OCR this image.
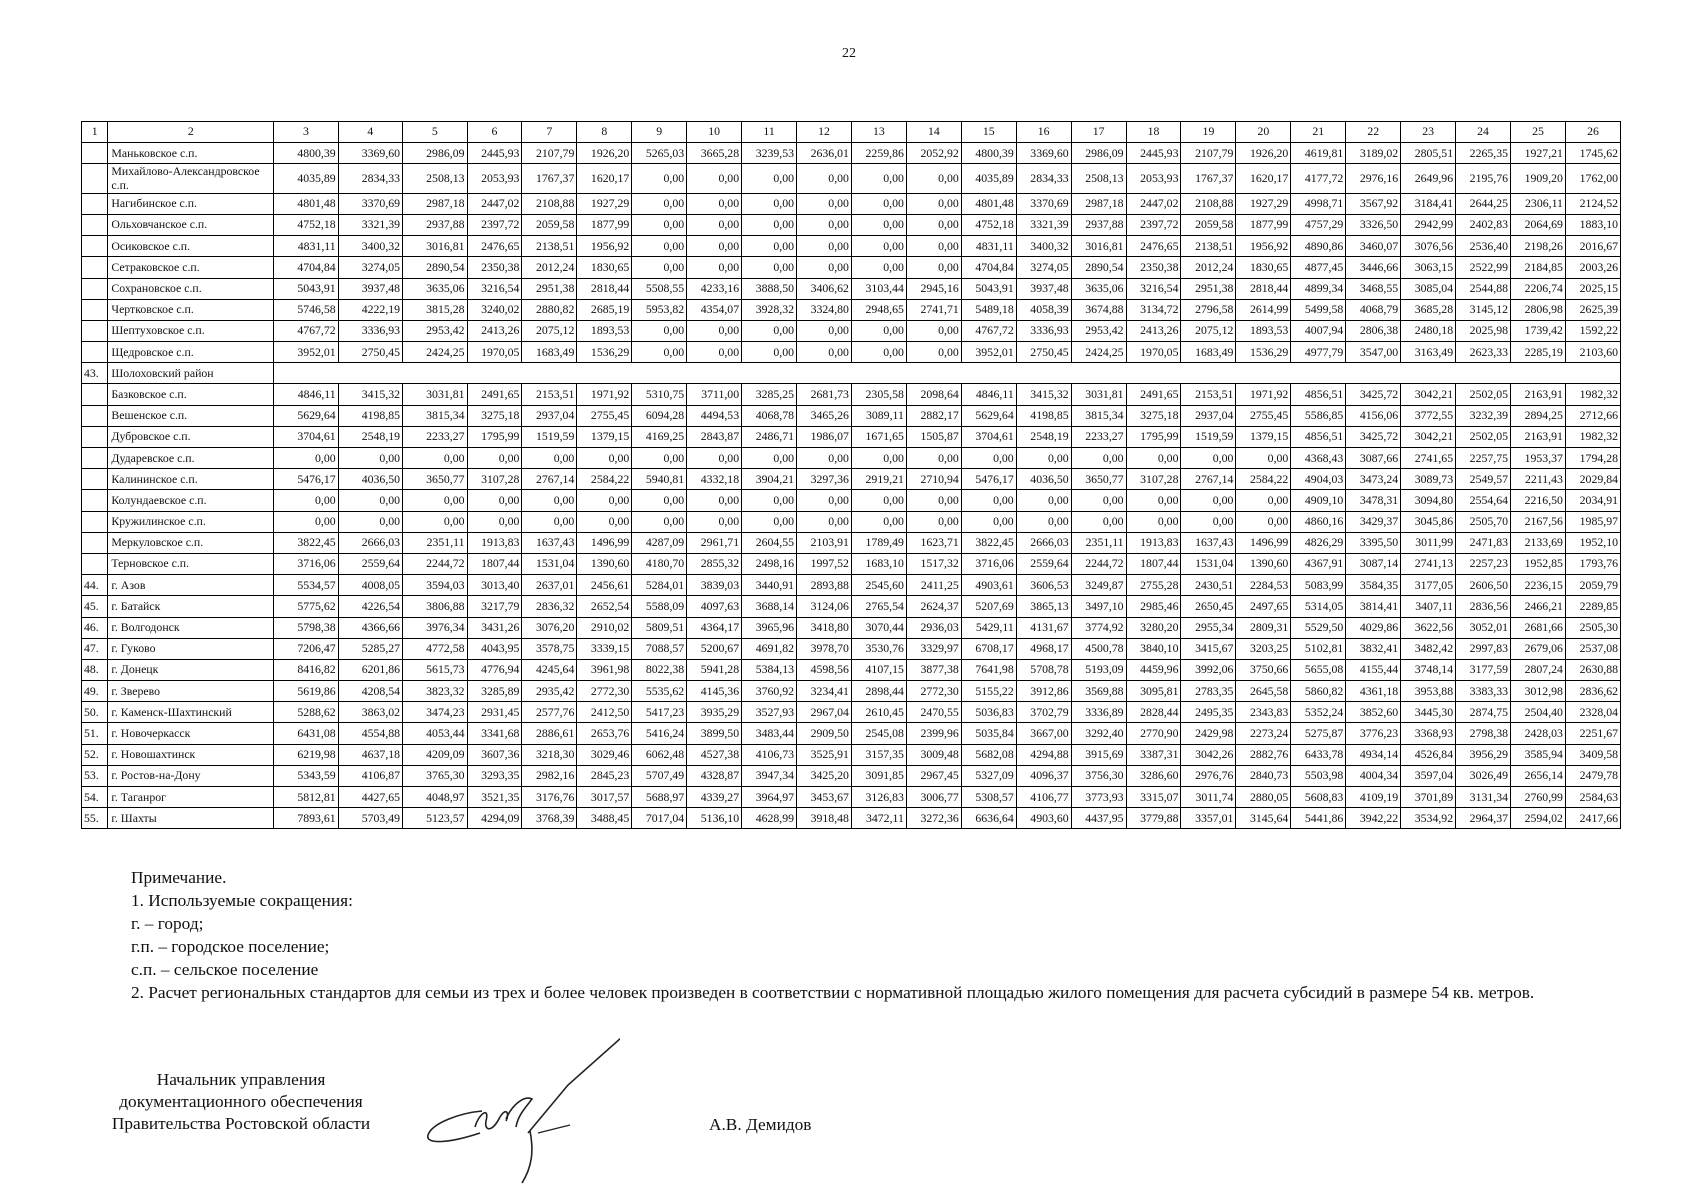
22
1	2	3	4	5	6	7	8	9	10	11	12	13	14	15	16	17	18	19	20	21	22	23	24	25	26
	Маньковское с.п.	4800,39	3369,60	2986,09	2445,93	2107,79	1926,20	5265,03	3665,28	3239,53	2636,01	2259,86	2052,92	4800,39	3369,60	2986,09	2445,93	2107,79	1926,20	4619,81	3189,02	2805,51	2265,35	1927,21	1745,62
	Михайлово-Александровское с.п.	4035,89	2834,33	2508,13	2053,93	1767,37	1620,17	0,00	0,00	0,00	0,00	0,00	0,00	4035,89	2834,33	2508,13	2053,93	1767,37	1620,17	4177,72	2976,16	2649,96	2195,76	1909,20	1762,00
	Нагибинское с.п.	4801,48	3370,69	2987,18	2447,02	2108,88	1927,29	0,00	0,00	0,00	0,00	0,00	0,00	4801,48	3370,69	2987,18	2447,02	2108,88	1927,29	4998,71	3567,92	3184,41	2644,25	2306,11	2124,52
	Ольховчанское с.п.	4752,18	3321,39	2937,88	2397,72	2059,58	1877,99	0,00	0,00	0,00	0,00	0,00	0,00	4752,18	3321,39	2937,88	2397,72	2059,58	1877,99	4757,29	3326,50	2942,99	2402,83	2064,69	1883,10
	Осиковское с.п.	4831,11	3400,32	3016,81	2476,65	2138,51	1956,92	0,00	0,00	0,00	0,00	0,00	0,00	4831,11	3400,32	3016,81	2476,65	2138,51	1956,92	4890,86	3460,07	3076,56	2536,40	2198,26	2016,67
	Сетраковское с.п.	4704,84	3274,05	2890,54	2350,38	2012,24	1830,65	0,00	0,00	0,00	0,00	0,00	0,00	4704,84	3274,05	2890,54	2350,38	2012,24	1830,65	4877,45	3446,66	3063,15	2522,99	2184,85	2003,26
	Сохрановское с.п.	5043,91	3937,48	3635,06	3216,54	2951,38	2818,44	5508,55	4233,16	3888,50	3406,62	3103,44	2945,16	5043,91	3937,48	3635,06	3216,54	2951,38	2818,44	4899,34	3468,55	3085,04	2544,88	2206,74	2025,15
	Чертковское с.п.	5746,58	4222,19	3815,28	3240,02	2880,82	2685,19	5953,82	4354,07	3928,32	3324,80	2948,65	2741,71	5489,18	4058,39	3674,88	3134,72	2796,58	2614,99	5499,58	4068,79	3685,28	3145,12	2806,98	2625,39
	Шептуховское с.п.	4767,72	3336,93	2953,42	2413,26	2075,12	1893,53	0,00	0,00	0,00	0,00	0,00	0,00	4767,72	3336,93	2953,42	2413,26	2075,12	1893,53	4007,94	2806,38	2480,18	2025,98	1739,42	1592,22
	Щедровское с.п.	3952,01	2750,45	2424,25	1970,05	1683,49	1536,29	0,00	0,00	0,00	0,00	0,00	0,00	3952,01	2750,45	2424,25	1970,05	1683,49	1536,29	4977,79	3547,00	3163,49	2623,33	2285,19	2103,60
43.	Шолоховский район																								
	Базковское с.п.	4846,11	3415,32	3031,81	2491,65	2153,51	1971,92	5310,75	3711,00	3285,25	2681,73	2305,58	2098,64	4846,11	3415,32	3031,81	2491,65	2153,51	1971,92	4856,51	3425,72	3042,21	2502,05	2163,91	1982,32
	Вешенское с.п.	5629,64	4198,85	3815,34	3275,18	2937,04	2755,45	6094,28	4494,53	4068,78	3465,26	3089,11	2882,17	5629,64	4198,85	3815,34	3275,18	2937,04	2755,45	5586,85	4156,06	3772,55	3232,39	2894,25	2712,66
	Дубровское с.п.	3704,61	2548,19	2233,27	1795,99	1519,59	1379,15	4169,25	2843,87	2486,71	1986,07	1671,65	1505,87	3704,61	2548,19	2233,27	1795,99	1519,59	1379,15	4856,51	3425,72	3042,21	2502,05	2163,91	1982,32
	Дударевское с.п.	0,00	0,00	0,00	0,00	0,00	0,00	0,00	0,00	0,00	0,00	0,00	0,00	0,00	0,00	0,00	0,00	0,00	0,00	4368,43	3087,66	2741,65	2257,75	1953,37	1794,28
	Калининское с.п.	5476,17	4036,50	3650,77	3107,28	2767,14	2584,22	5940,81	4332,18	3904,21	3297,36	2919,21	2710,94	5476,17	4036,50	3650,77	3107,28	2767,14	2584,22	4904,03	3473,24	3089,73	2549,57	2211,43	2029,84
	Колундаевское с.п.	0,00	0,00	0,00	0,00	0,00	0,00	0,00	0,00	0,00	0,00	0,00	0,00	0,00	0,00	0,00	0,00	0,00	0,00	4909,10	3478,31	3094,80	2554,64	2216,50	2034,91
	Кружилинское с.п.	0,00	0,00	0,00	0,00	0,00	0,00	0,00	0,00	0,00	0,00	0,00	0,00	0,00	0,00	0,00	0,00	0,00	0,00	4860,16	3429,37	3045,86	2505,70	2167,56	1985,97
	Меркуловское с.п.	3822,45	2666,03	2351,11	1913,83	1637,43	1496,99	4287,09	2961,71	2604,55	2103,91	1789,49	1623,71	3822,45	2666,03	2351,11	1913,83	1637,43	1496,99	4826,29	3395,50	3011,99	2471,83	2133,69	1952,10
	Терновское с.п.	3716,06	2559,64	2244,72	1807,44	1531,04	1390,60	4180,70	2855,32	2498,16	1997,52	1683,10	1517,32	3716,06	2559,64	2244,72	1807,44	1531,04	1390,60	4367,91	3087,14	2741,13	2257,23	1952,85	1793,76
44.	г. Азов	5534,57	4008,05	3594,03	3013,40	2637,01	2456,61	5284,01	3839,03	3440,91	2893,88	2545,60	2411,25	4903,61	3606,53	3249,87	2755,28	2430,51	2284,53	5083,99	3584,35	3177,05	2606,50	2236,15	2059,79
45.	г. Батайск	5775,62	4226,54	3806,88	3217,79	2836,32	2652,54	5588,09	4097,63	3688,14	3124,06	2765,54	2624,37	5207,69	3865,13	3497,10	2985,46	2650,45	2497,65	5314,05	3814,41	3407,11	2836,56	2466,21	2289,85
46.	г. Волгодонск	5798,38	4366,66	3976,34	3431,26	3076,20	2910,02	5809,51	4364,17	3965,96	3418,80	3070,44	2936,03	5429,11	4131,67	3774,92	3280,20	2955,34	2809,31	5529,50	4029,86	3622,56	3052,01	2681,66	2505,30
47.	г. Гуково	7206,47	5285,27	4772,58	4043,95	3578,75	3339,15	7088,57	5200,67	4691,82	3978,70	3530,76	3329,97	6708,17	4968,17	4500,78	3840,10	3415,67	3203,25	5102,81	3832,41	3482,42	2997,83	2679,06	2537,08
48.	г. Донецк	8416,82	6201,86	5615,73	4776,94	4245,64	3961,98	8022,38	5941,28	5384,13	4598,56	4107,15	3877,38	7641,98	5708,78	5193,09	4459,96	3992,06	3750,66	5655,08	4155,44	3748,14	3177,59	2807,24	2630,88
49.	г. Зверево	5619,86	4208,54	3823,32	3285,89	2935,42	2772,30	5535,62	4145,36	3760,92	3234,41	2898,44	2772,30	5155,22	3912,86	3569,88	3095,81	2783,35	2645,58	5860,82	4361,18	3953,88	3383,33	3012,98	2836,62
50.	г. Каменск-Шахтинский	5288,62	3863,02	3474,23	2931,45	2577,76	2412,50	5417,23	3935,29	3527,93	2967,04	2610,45	2470,55	5036,83	3702,79	3336,89	2828,44	2495,35	2343,83	5352,24	3852,60	3445,30	2874,75	2504,40	2328,04
51.	г. Новочеркасск	6431,08	4554,88	4053,44	3341,68	2886,61	2653,76	5416,24	3899,50	3483,44	2909,50	2545,08	2399,96	5035,84	3667,00	3292,40	2770,90	2429,98	2273,24	5275,87	3776,23	3368,93	2798,38	2428,03	2251,67
52.	г. Новошахтинск	6219,98	4637,18	4209,09	3607,36	3218,30	3029,46	6062,48	4527,38	4106,73	3525,91	3157,35	3009,48	5682,08	4294,88	3915,69	3387,31	3042,26	2882,76	6433,78	4934,14	4526,84	3956,29	3585,94	3409,58
53.	г. Ростов-на-Дону	5343,59	4106,87	3765,30	3293,35	2982,16	2845,23	5707,49	4328,87	3947,34	3425,20	3091,85	2967,45	5327,09	4096,37	3756,30	3286,60	2976,76	2840,73	5503,98	4004,34	3597,04	3026,49	2656,14	2479,78
54.	г. Таганрог	5812,81	4427,65	4048,97	3521,35	3176,76	3017,57	5688,97	4339,27	3964,97	3453,67	3126,83	3006,77	5308,57	4106,77	3773,93	3315,07	3011,74	2880,05	5608,83	4109,19	3701,89	3131,34	2760,99	2584,63
55.	г. Шахты	7893,61	5703,49	5123,57	4294,09	3768,39	3488,45	7017,04	5136,10	4628,99	3918,48	3472,11	3272,36	6636,64	4903,60	4437,95	3779,88	3357,01	3145,64	5441,86	3942,22	3534,92	2964,37	2594,02	2417,66

Примечание.

1. Используемые сокращения:

г. – город;

г.п. – городское поселение;

с.п. – сельское поселение

2. Расчет региональных стандартов для семьи из трех и более человек произведен в соответствии с нормативной площадью жилого помещения для расчета субсидий в размере 54 кв. метров.

Начальник управления

документационного обеспечения

Правительства Ростовской области	А.В. Демидов
